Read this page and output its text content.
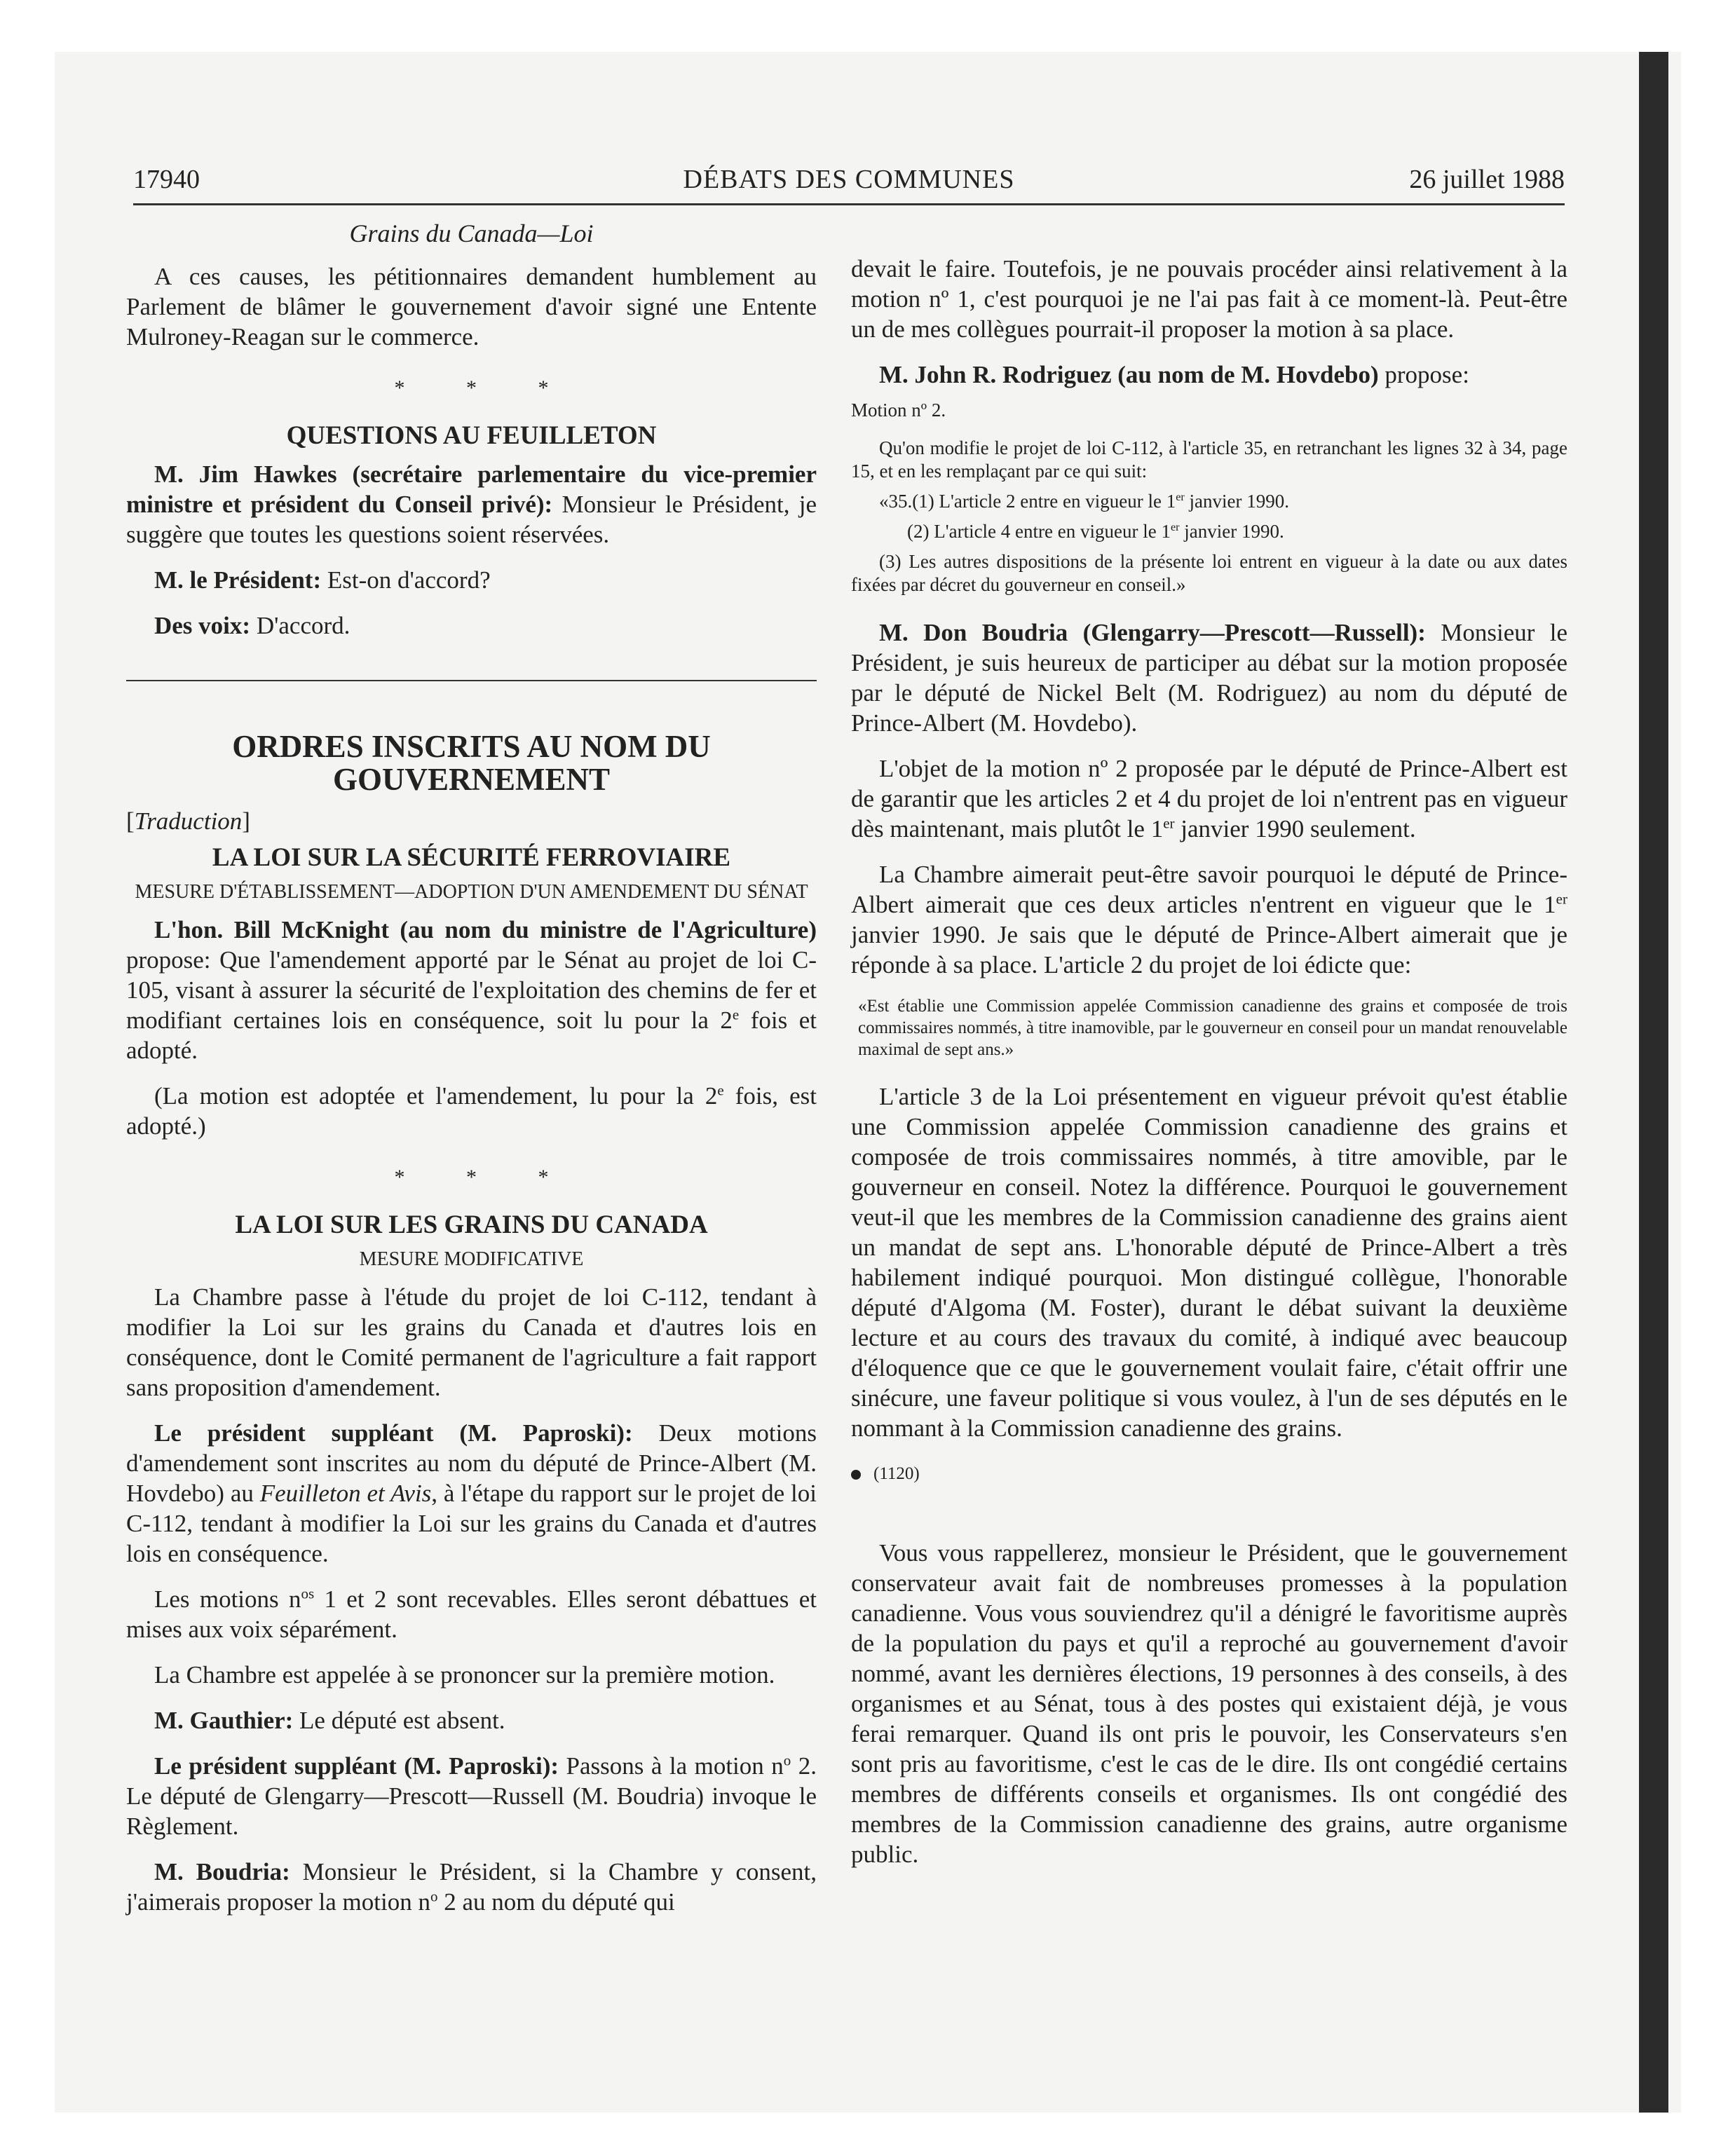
17940	DÉBATS DES COMMUNES	26 juillet 1988
Grains du Canada—Loi

A ces causes, les pétitionnaires demandent humblement au Parlement de blâmer le gouvernement d'avoir signé une Entente Mulroney-Reagan sur le commerce.

* * *
QUESTIONS AU FEUILLETON

M. Jim Hawkes (secrétaire parlementaire du vice-premier ministre et président du Conseil privé): Monsieur le Président, je suggère que toutes les questions soient réservées.

M. le Président: Est-on d'accord?

Des voix: D'accord.

ORDRES INSCRITS AU NOM DU GOUVERNEMENT
[Traduction]
LA LOI SUR LA SÉCURITÉ FERROVIAIRE
MESURE D'ÉTABLISSEMENT—ADOPTION D'UN AMENDEMENT DU SÉNAT

L'hon. Bill McKnight (au nom du ministre de l'Agriculture) propose: Que l'amendement apporté par le Sénat au projet de loi C-105, visant à assurer la sécurité de l'exploitation des chemins de fer et modifiant certaines lois en conséquence, soit lu pour la 2e fois et adopté.

(La motion est adoptée et l'amendement, lu pour la 2e fois, est adopté.)

* * *
LA LOI SUR LES GRAINS DU CANADA
MESURE MODIFICATIVE

La Chambre passe à l'étude du projet de loi C-112, tendant à modifier la Loi sur les grains du Canada et d'autres lois en conséquence, dont le Comité permanent de l'agriculture a fait rapport sans proposition d'amendement.

Le président suppléant (M. Paproski): Deux motions d'amendement sont inscrites au nom du député de Prince-Albert (M. Hovdebo) au Feuilleton et Avis, à l'étape du rapport sur le projet de loi C-112, tendant à modifier la Loi sur les grains du Canada et d'autres lois en conséquence.

Les motions $n^{os}$ 1 et 2 sont recevables. Elles seront débattues et mises aux voix séparément.

La Chambre est appelée à se prononcer sur la première motion.

M. Gauthier: Le député est absent.

Le président suppléant (M. Paproski): Passons à la motion $n^o$ 2. Le député de Glengarry—Prescott—Russell (M. Boudria) invoque le Règlement.

M. Boudria: Monsieur le Président, si la Chambre y consent, j'aimerais proposer la motion $n^o$ 2 au nom du député qui

devait le faire. Toutefois, je ne pouvais procéder ainsi relativement à la motion nº 1, c'est pourquoi je ne l'ai pas fait à ce moment-là. Peut-être un de mes collègues pourrait-il proposer la motion à sa place.

M. John R. Rodriguez (au nom de M. Hovdebo) propose:

Motion nº 2.
Qu'on modifie le projet de loi C-112, à l'article 35, en retranchant les lignes 32 à 34, page 15, et en les remplaçant par ce qui suit:
«35.(1) L'article 2 entre en vigueur le 1er janvier 1990.
(2) L'article 4 entre en vigueur le 1er janvier 1990.
(3) Les autres dispositions de la présente loi entrent en vigueur à la date ou aux dates fixées par décret du gouverneur en conseil.»

M. Don Boudria (Glengarry—Prescott—Russell): Monsieur le Président, je suis heureux de participer au débat sur la motion proposée par le député de Nickel Belt (M. Rodriguez) au nom du député de Prince-Albert (M. Hovdebo).

L'objet de la motion nº 2 proposée par le député de Prince-Albert est de garantir que les articles 2 et 4 du projet de loi n'entrent pas en vigueur dès maintenant, mais plutôt le 1er janvier 1990 seulement.

La Chambre aimerait peut-être savoir pourquoi le député de Prince-Albert aimerait que ces deux articles n'entrent en vigueur que le 1er janvier 1990. Je sais que le député de Prince-Albert aimerait que je réponde à sa place. L'article 2 du projet de loi édicte que:

«Est établie une Commission appelée Commission canadienne des grains et composée de trois commissaires nommés, à titre inamovible, par le gouverneur en conseil pour un mandat renouvelable maximal de sept ans.»

L'article 3 de la Loi présentement en vigueur prévoit qu'est établie une Commission appelée Commission canadienne des grains et composée de trois commissaires nommés, à titre amovible, par le gouverneur en conseil. Notez la différence. Pourquoi le gouvernement veut-il que les membres de la Commission canadienne des grains aient un mandat de sept ans. L'honorable député de Prince-Albert a très habilement indiqué pourquoi. Mon distingué collègue, l'honorable député d'Algoma (M. Foster), durant le débat suivant la deuxième lecture et au cours des travaux du comité, à indiqué avec beaucoup d'éloquence que ce que le gouvernement voulait faire, c'était offrir une sinécure, une faveur politique si vous voulez, à l'un de ses députés en le nommant à la Commission canadienne des grains.

(1120)

Vous vous rappellerez, monsieur le Président, que le gouvernement conservateur avait fait de nombreuses promesses à la population canadienne. Vous vous souviendrez qu'il a dénigré le favoritisme auprès de la population du pays et qu'il a reproché au gouvernement d'avoir nommé, avant les dernières élections, 19 personnes à des conseils, à des organismes et au Sénat, tous à des postes qui existaient déjà, je vous ferai remarquer. Quand ils ont pris le pouvoir, les Conservateurs s'en sont pris au favoritisme, c'est le cas de le dire. Ils ont congédié certains membres de différents conseils et organismes. Ils ont congédié des membres de la Commission canadienne des grains, autre organisme public.
